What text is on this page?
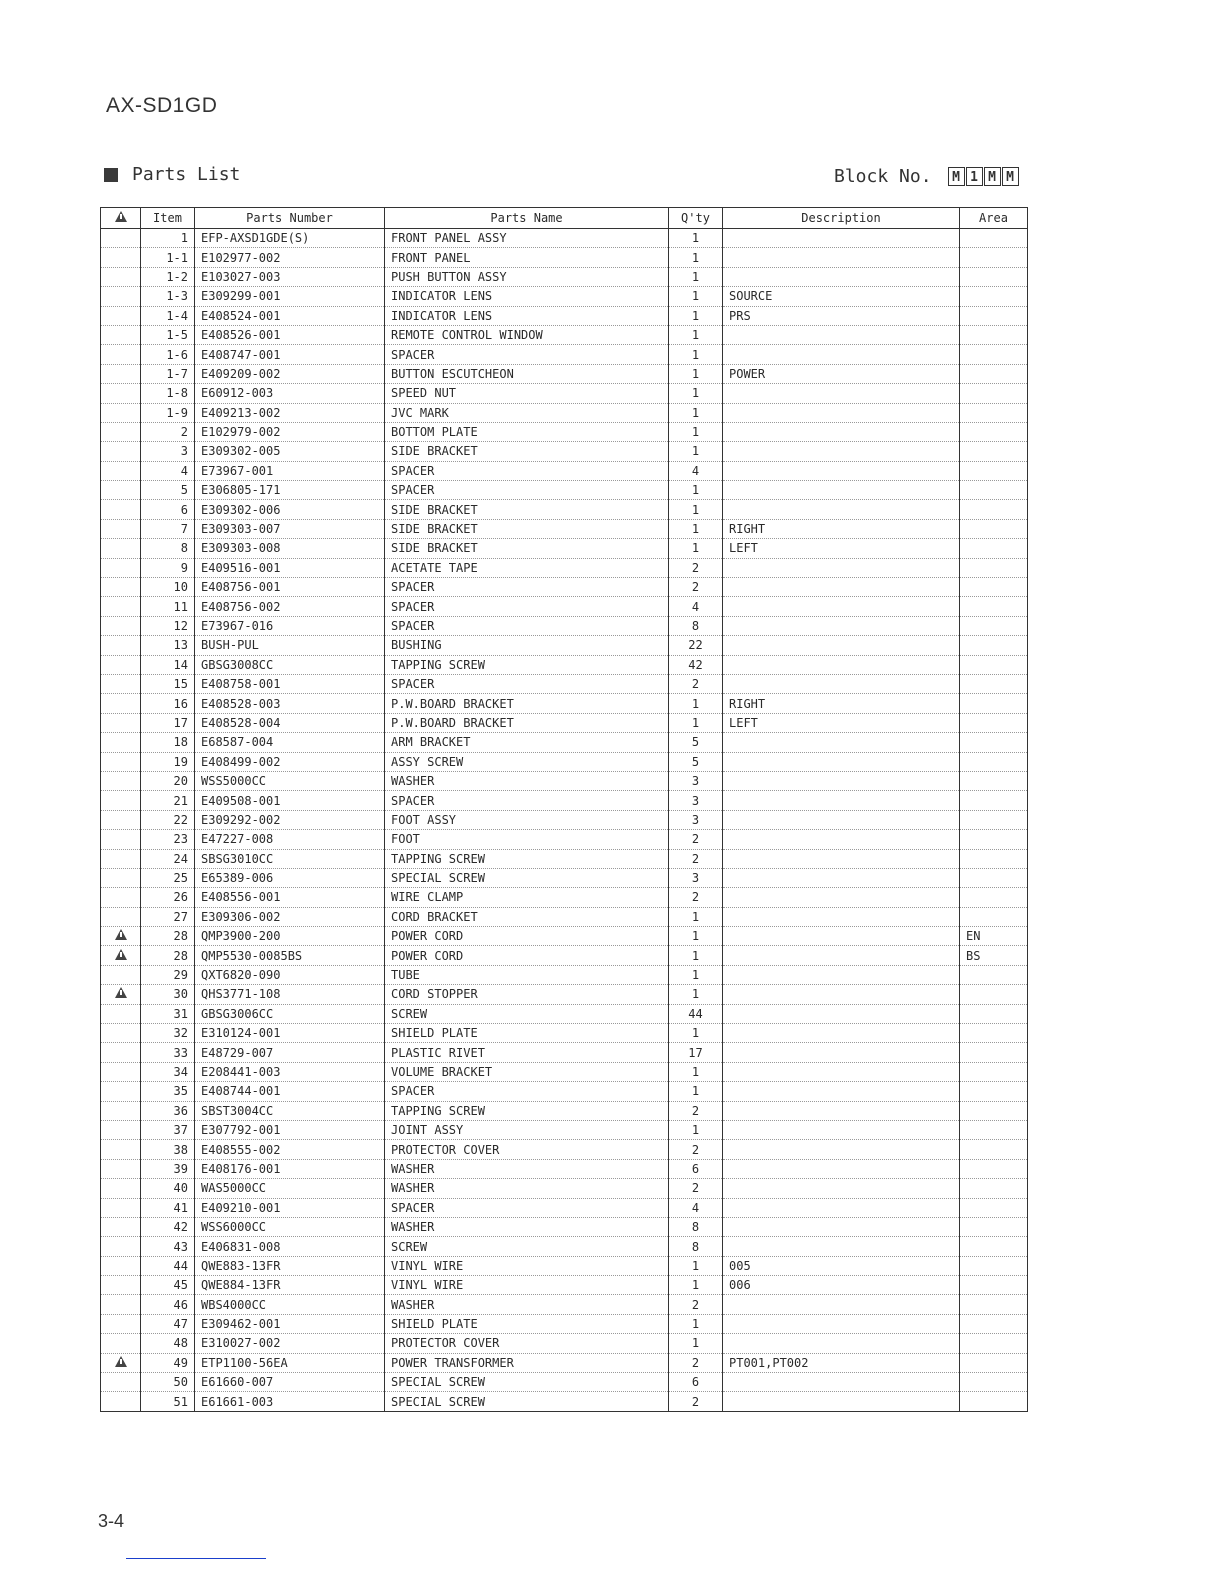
AX-SD1GD
Parts List	Block No.	M 1 M M
	Item	Parts Number	Parts Name	Q'ty	Description	Area
	1	EFP-AXSD1GDE(S)	FRONT PANEL ASSY	1		
	1-1	E102977-002	FRONT PANEL	1		
	1-2	E103027-003	PUSH BUTTON ASSY	1		
	1-3	E309299-001	INDICATOR LENS	1	SOURCE	
	1-4	E408524-001	INDICATOR LENS	1	PRS	
	1-5	E408526-001	REMOTE CONTROL WINDOW	1		
	1-6	E408747-001	SPACER	1		
	1-7	E409209-002	BUTTON ESCUTCHEON	1	POWER	
	1-8	E60912-003	SPEED NUT	1		
	1-9	E409213-002	JVC MARK	1		
	2	E102979-002	BOTTOM PLATE	1		
	3	E309302-005	SIDE BRACKET	1		
	4	E73967-001	SPACER	4		
	5	E306805-171	SPACER	1		
	6	E309302-006	SIDE BRACKET	1		
	7	E309303-007	SIDE BRACKET	1	RIGHT	
	8	E309303-008	SIDE BRACKET	1	LEFT	
	9	E409516-001	ACETATE TAPE	2		
	10	E408756-001	SPACER	2		
	11	E408756-002	SPACER	4		
	12	E73967-016	SPACER	8		
	13	BUSH-PUL	BUSHING	22		
	14	GBSG3008CC	TAPPING SCREW	42		
	15	E408758-001	SPACER	2		
	16	E408528-003	P.W.BOARD BRACKET	1	RIGHT	
	17	E408528-004	P.W.BOARD BRACKET	1	LEFT	
	18	E68587-004	ARM BRACKET	5		
	19	E408499-002	ASSY SCREW	5		
	20	WSS5000CC	WASHER	3		
	21	E409508-001	SPACER	3		
	22	E309292-002	FOOT ASSY	3		
	23	E47227-008	FOOT	2		
	24	SBSG3010CC	TAPPING SCREW	2		
	25	E65389-006	SPECIAL SCREW	3		
	26	E408556-001	WIRE CLAMP	2		
	27	E309306-002	CORD BRACKET	1		
	28	QMP3900-200	POWER CORD	1		EN
	28	QMP5530-0085BS	POWER CORD	1		BS
	29	QXT6820-090	TUBE	1		
	30	QHS3771-108	CORD STOPPER	1		
	31	GBSG3006CC	SCREW	44		
	32	E310124-001	SHIELD PLATE	1		
	33	E48729-007	PLASTIC RIVET	17		
	34	E208441-003	VOLUME BRACKET	1		
	35	E408744-001	SPACER	1		
	36	SBST3004CC	TAPPING SCREW	2		
	37	E307792-001	JOINT ASSY	1		
	38	E408555-002	PROTECTOR COVER	2		
	39	E408176-001	WASHER	6		
	40	WAS5000CC	WASHER	2		
	41	E409210-001	SPACER	4		
	42	WSS6000CC	WASHER	8		
	43	E406831-008	SCREW	8		
	44	QWE883-13FR	VINYL WIRE	1	005	
	45	QWE884-13FR	VINYL WIRE	1	006	
	46	WBS4000CC	WASHER	2		
	47	E309462-001	SHIELD PLATE	1		
	48	E310027-002	PROTECTOR COVER	1		
	49	ETP1100-56EA	POWER TRANSFORMER	2	PT001,PT002	
	50	E61660-007	SPECIAL SCREW	6		
	51	E61661-003	SPECIAL SCREW	2		
3-4
